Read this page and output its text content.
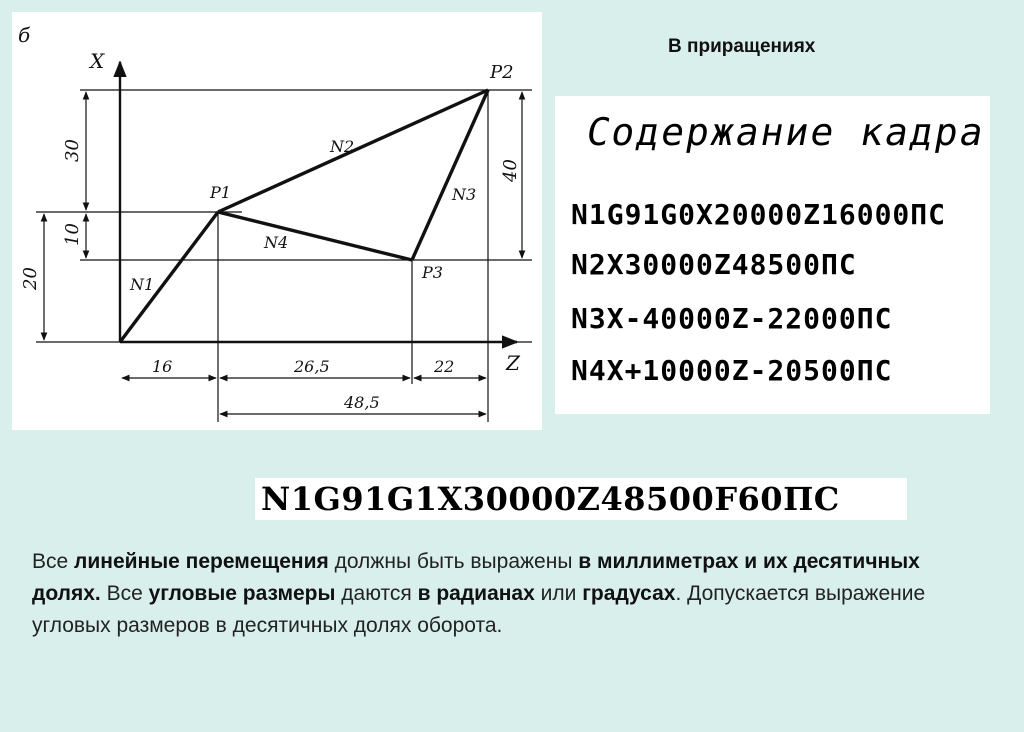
б
X
Z
P2
P1
P3
N1
N2
N3
N4
30
10
20
40
16	26,5	22
48,5
В приращениях
Содержание кадра
N1G91G0X20000Z16000ПС
N2X30000Z48500ПС
N3X-40000Z-22000ПС
N4X+10000Z-20500ПС
N1G91G1X30000Z48500F60ПС
Все линейные перемещения должны быть выражены в миллиметрах и их десятичных долях. Все угловые размеры даются в радианах или градусах. Допускается выражение угловых размеров в десятичных долях оборота.
